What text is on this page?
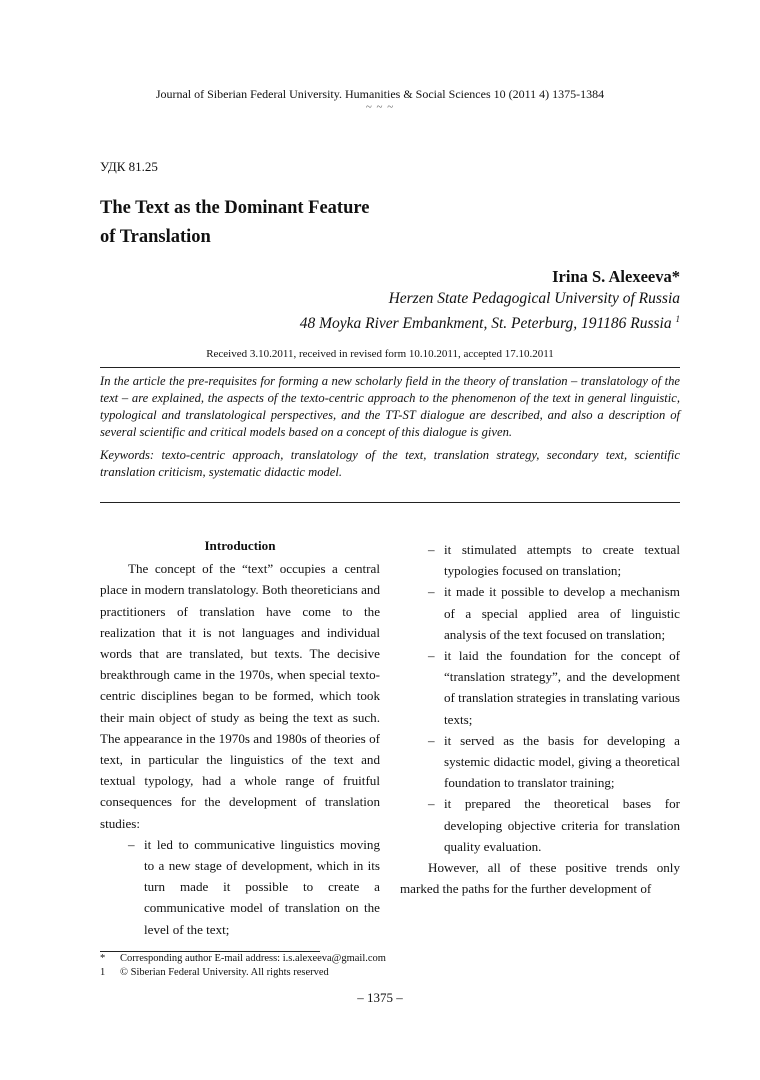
Journal of Siberian Federal University. Humanities & Social Sciences 10 (2011 4) 1375-1384
~ ~ ~
УДК 81.25
The Text as the Dominant Feature
of Translation
Irina S. Alexeeva*
Herzen State Pedagogical University of Russia
48 Moyka River Embankment, St. Peterburg, 191186 Russia $^1$
Received 3.10.2011, received in revised form 10.10.2011, accepted 17.10.2011

In the article the pre-requisites for forming a new scholarly field in the theory of translation – translatology of the text – are explained, the aspects of the texto-centric approach to the phenomenon of the text in general linguistic, typological and translatological perspectives, and the TT-ST dialogue are described, and also a description of several scientific and critical models based on a concept of this dialogue is given.

Keywords: texto-centric approach, translatology of the text, translation strategy, secondary text, scientific translation criticism, systematic didactic model.

Introduction

The concept of the “text” occupies a central place in modern translatology. Both theoreticians and practitioners of translation have come to the realization that it is not languages and individual words that are translated, but texts. The decisive breakthrough came in the 1970s, when special texto-centric disciplines began to be formed, which took their main object of study as being the text as such. The appearance in the 1970s and 1980s of theories of text, in particular the linguistics of the text and textual typology, had a whole range of fruitful consequences for the development of translation studies:

– it led to communicative linguistics moving to a new stage of development, which in its turn made it possible to create a communicative model of translation on the level of the text;
– it stimulated attempts to create textual typologies focused on translation;
– it made it possible to develop a mechanism of a special applied area of linguistic analysis of the text focused on translation;
– it laid the foundation for the concept of “translation strategy”, and the development of translation strategies in translating various texts;
– it served as the basis for developing a systemic didactic model, giving a theoretical foundation to translator training;
– it prepared the theoretical bases for developing objective criteria for translation quality evaluation.

However, all of these positive trends only marked the paths for the further development of

* Corresponding author E-mail address: i.s.alexeeva@gmail.com
1 © Siberian Federal University. All rights reserved
– 1375 –
